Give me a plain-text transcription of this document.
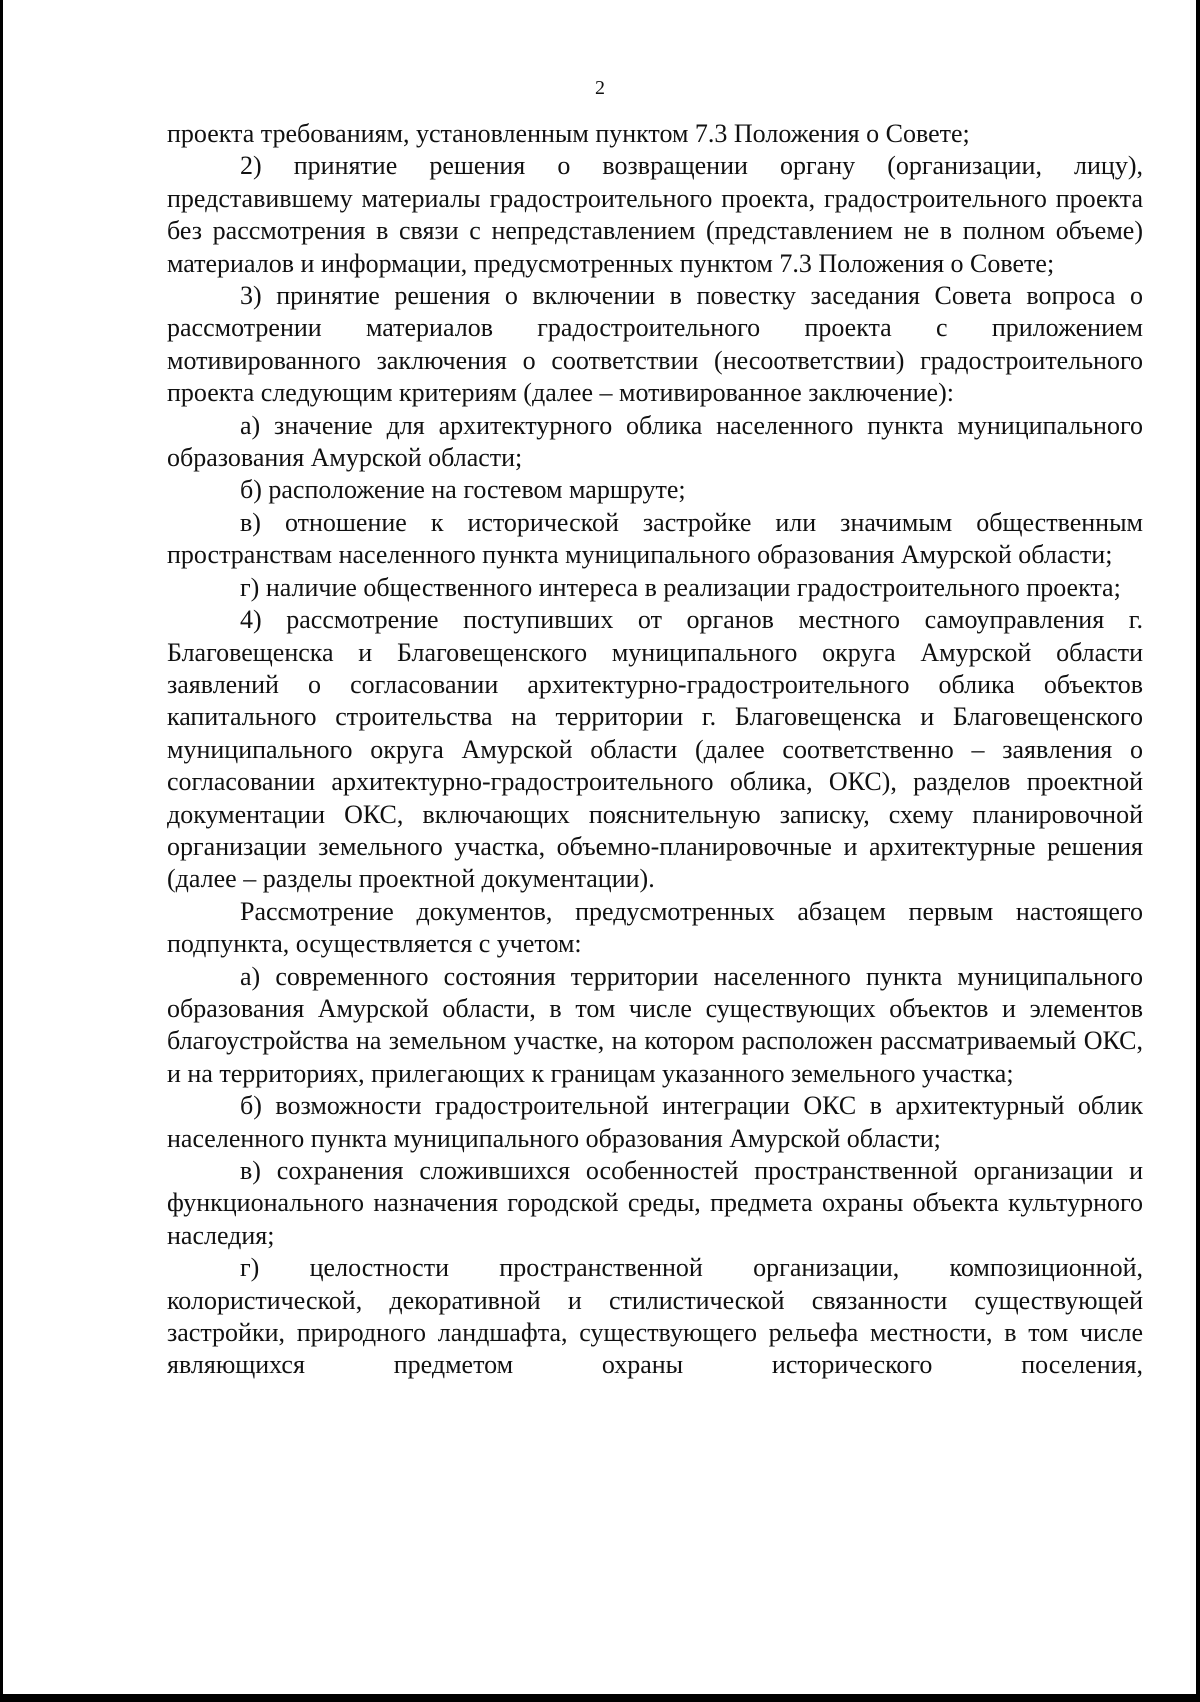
2

проекта требованиям, установленным пунктом 7.3 Положения о Совете;

2) принятие решения о возвращении органу (организации, лицу), представившему материалы градостроительного проекта, градостроительного проекта без рассмотрения в связи с непредставлением (представлением не в полном объеме) материалов и информации, предусмотренных пунктом 7.3 Положения о Совете;

3) принятие решения о включении в повестку заседания Совета вопроса о рассмотрении материалов градостроительного проекта с приложением мотивированного заключения о соответствии (несоответствии) градостроительного проекта следующим критериям (далее – мотивированное заключение):

а) значение для архитектурного облика населенного пункта муниципального образования Амурской области;

б) расположение на гостевом маршруте;

в) отношение к исторической застройке или значимым общественным пространствам населенного пункта муниципального образования Амурской области;

г) наличие общественного интереса в реализации градостроительного проекта;

4) рассмотрение поступивших от органов местного самоуправления г. Благовещенска и Благовещенского муниципального округа Амурской области заявлений о согласовании архитектурно-градостроительного облика объектов капитального строительства на территории г. Благовещенска и Благовещенского муниципального округа Амурской области (далее соответственно – заявления о согласовании архитектурно-градостроительного облика, ОКС), разделов проектной документации ОКС, включающих пояснительную записку, схему планировочной организации земельного участка, объемно-планировочные и архитектурные решения (далее – разделы проектной документации).

Рассмотрение документов, предусмотренных абзацем первым настоящего подпункта, осуществляется с учетом:

а) современного состояния территории населенного пункта муниципального образования Амурской области, в том числе существующих объектов и элементов благоустройства на земельном участке, на котором расположен рассматриваемый ОКС, и на территориях, прилегающих к границам указанного земельного участка;

б) возможности градостроительной интеграции ОКС в архитектурный облик населенного пункта муниципального образования Амурской области;

в) сохранения сложившихся особенностей пространственной организации и функционального назначения городской среды, предмета охраны объекта культурного наследия;

г) целостности пространственной организации, композиционной, колористической, декоративной и стилистической связанности существующей застройки, природного ландшафта, существующего рельефа местности, в том числе являющихся предметом охраны исторического поселения,
